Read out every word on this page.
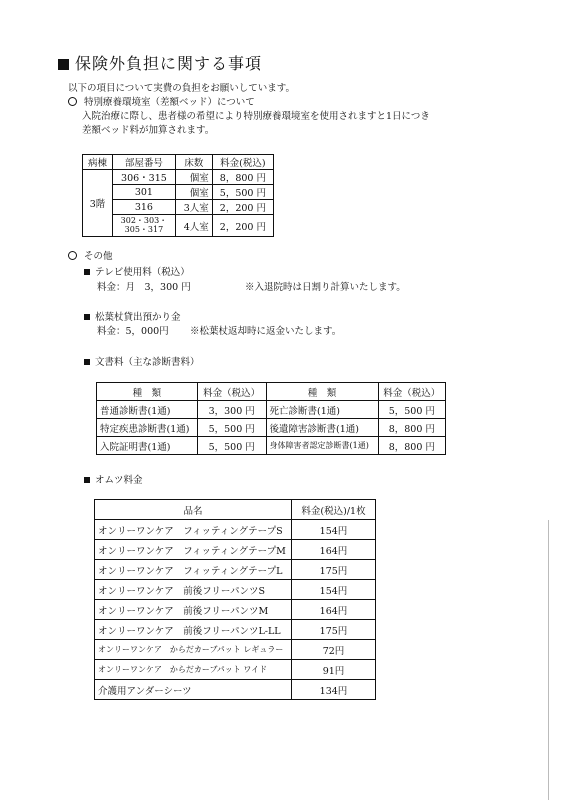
保険外負担に関する事項
以下の項目について実費の負担をお願いしています。
特別療養環境室（差額ベッド）について
入院治療に際し、患者様の希望により特別療養環境室を使用されますと1日につき
差額ベッド料が加算されます。
病棟	部屋番号	床数	料金(税込)
3階	306・315	個室	8，800 円
	301	個室	5，500 円
	316	3人室	2，200 円
	302・303・305・317	4人室	2，200 円
その他
テレビ使用料（税込）
料金：月　3，300 円	※入退院時は日割り計算いたします。
松葉杖貸出預かり金
料金：5，000円 ※松葉杖返却時に返金いたします。
文書料（主な診断書料）
種　類	料金（税込）	種　類	料金（税込）
普通診断書(1通)	3，300 円	死亡診断書(1通)	5，500 円
特定疾患診断書(1通)	5，500 円	後遺障害診断書(1通)	8，800 円
入院証明書(1通)	5，500 円	身体障害者認定診断書(1通)	8，800 円
オムツ料金
品名	料金(税込)/1枚
オンリーワンケア　フィッティングテープS	154円
オンリーワンケア　フィッティングテープM	164円
オンリーワンケア　フィッティングテープL	175円
オンリーワンケア　前後フリーパンツS	154円
オンリーワンケア　前後フリーパンツM	164円
オンリーワンケア　前後フリーパンツL-LL	175円
オンリーワンケア　からだカーブパット レギュラー	72円
オンリーワンケア　からだカーブパット ワイド	91円
介護用アンダーシーツ	134円
